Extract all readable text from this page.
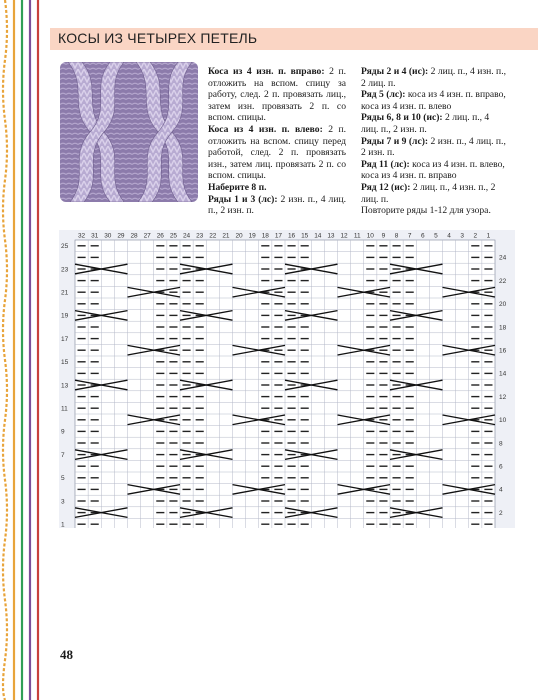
КОСЫ ИЗ ЧЕТЫРЕХ ПЕТЕЛЬ

Коса из 4 изн. п. вправо: 2 п. отложить на вспом. спицу за работу, след. 2 п. провязать лиц., затем изн. провязать 2 п. со вспом. спицы.

Коса из 4 изн. п. влево: 2 п. отложить на вспом. спицу перед работой, след. 2 п. провязать изн., затем лиц. провязать 2 п. со вспом. спицы.

Наберите 8 п.

Ряды 1 и 3 (лс): 2 изн. п., 4 лиц. п., 2 изн. п.

Ряды 2 и 4 (ис): 2 лиц. п., 4 изн. п., 2 лиц. п.

Ряд 5 (лс): коса из 4 изн. п. вправо, коса из 4 изн. п. влево

Ряды 6, 8 и 10 (ис): 2 лиц. п., 4 лиц. п., 2 изн. п.

Ряды 7 и 9 (лс): 2 изн. п., 4 лиц. п., 2 изн. п.

Ряд 11 (лс): коса из 4 изн. п. влево, коса из 4 изн. п. вправо

Ряд 12 (ис): 2 лиц. п., 4 изн. п., 2 лиц. п.

Повторите ряды 1-12 для узора.

32 31 30 29 28 27 26 25 24 23 22 21 20 19 18 17 16 15 14 13 12 11 10 9 8 7 6 5 4 3 2 1
25
23
21
19
17
15
13
11
9
7
5
3
1
24
22
20
18
16
14
12
10
8
6
4
2
48
